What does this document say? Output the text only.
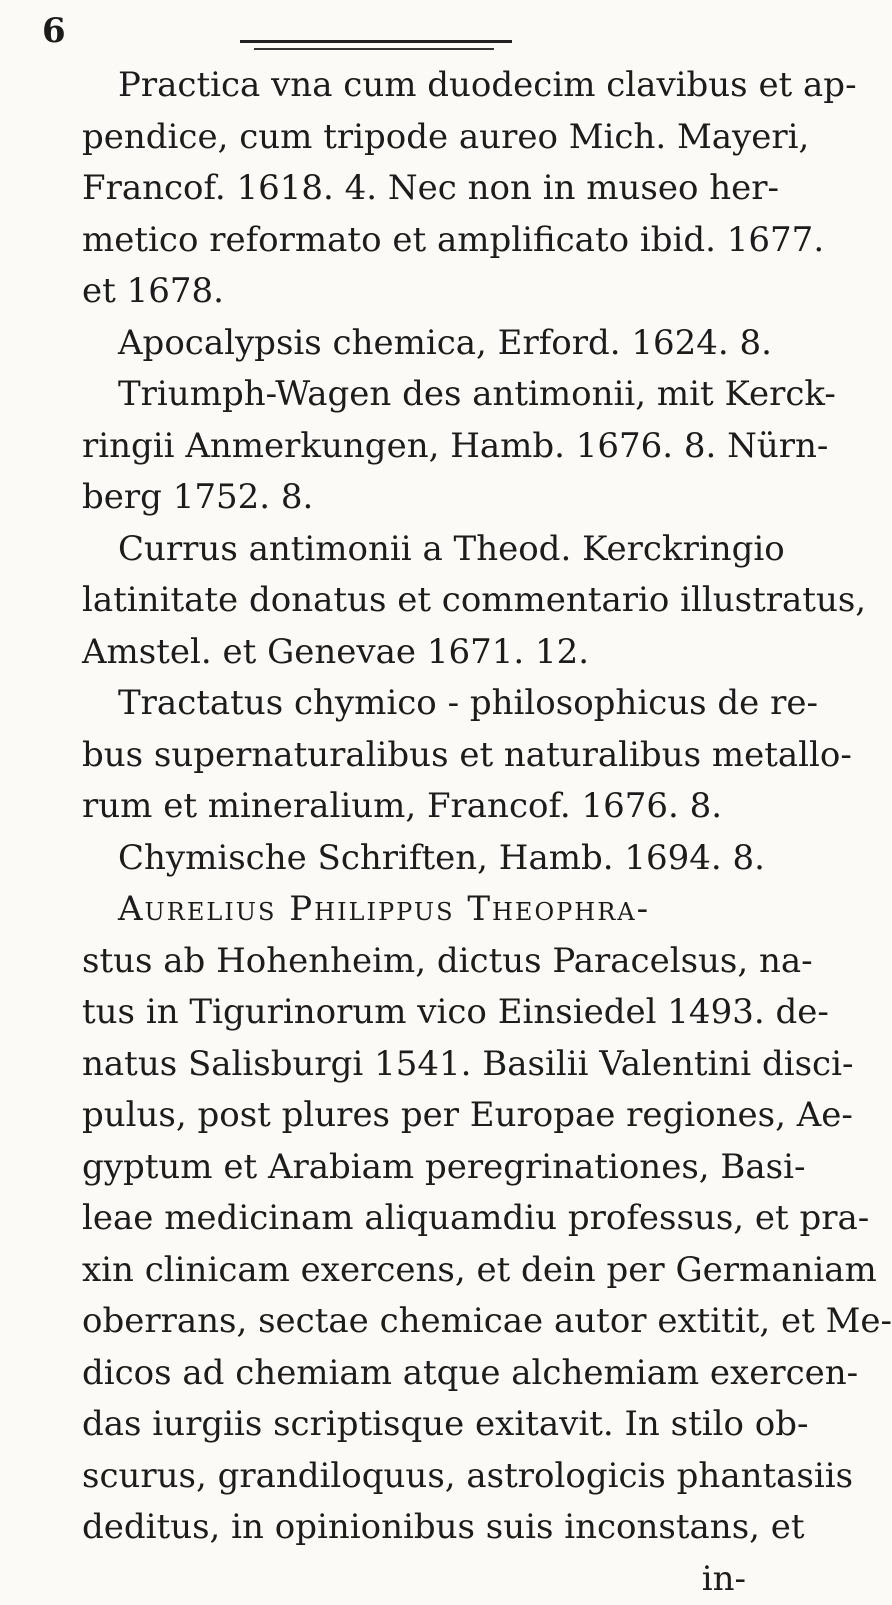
6
Practica vna cum duodecim clavibus et ap-
pendice, cum tripode aureo Mich. Mayeri,
Francof. 1618. 4. Nec non in museo her-
metico reformato et amplificato ibid. 1677.
et 1678.
Apocalypsis chemica, Erford. 1624. 8.
Triumph-Wagen des antimonii, mit Kerck-
ringii Anmerkungen, Hamb. 1676. 8. Nürn-
berg 1752. 8.
Currus antimonii a Theod. Kerckringio
latinitate donatus et commentario illustratus,
Amstel. et Genevae 1671. 12.
Tractatus chymico - philosophicus de re-
bus supernaturalibus et naturalibus metallo-
rum et mineralium, Francof. 1676. 8.
Chymische Schriften, Hamb. 1694. 8.
Aurelius Philippus Theophra-
stus ab Hohenheim, dictus Paracelsus, na-
tus in Tigurinorum vico Einsiedel 1493. de-
natus Salisburgi 1541. Basilii Valentini disci-
pulus, post plures per Europae regiones, Ae-
gyptum et Arabiam peregrinationes, Basi-
leae medicinam aliquamdiu professus, et pra-
xin clinicam exercens, et dein per Germaniam
oberrans, sectae chemicae autor extitit, et Me-
dicos ad chemiam atque alchemiam exercen-
das iurgiis scriptisque exitavit. In stilo ob-
scurus, grandiloquus, astrologicis phantasiis
deditus, in opinionibus suis inconstans, et
in-
